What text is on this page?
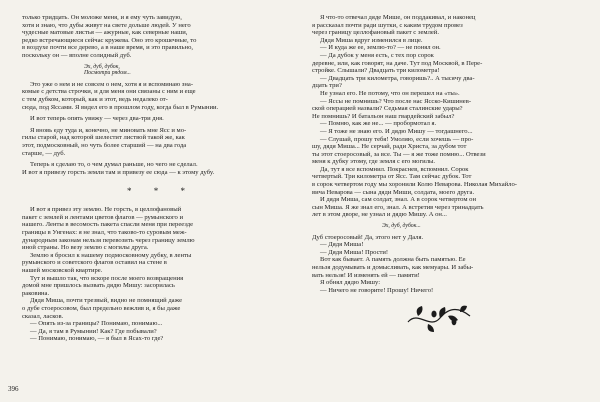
только тридцать. Он моложе меня, и я ему чуть завидую,

хотя и знаю, что дубы живут на свете дольше людей. У него

чудесные матовые листья — ажурные, как северные наши,

редко встречающиеся сейчас кружева. Оно это крошечные, то

в воздухе почти все дерево, а в наше время, и это правильно,

поскольку он — вполне солидный дуб.

Эх, дуб, дубок,
Посмотри рядом...

Это уже о нем и не совсем о нем, хотя я и вспоминаю зна-

комые с детства строчки, и для меня они связаны с ним и еще

с тем дубком, который, как и этот, ведь недалеко от-

сюда, под Яссами. Я видел его в прошлом году, когда был в Румынии.

И вот теперь опять увижу — через два-три дня.

Я вновь еду туда и, конечно, не миновать мне Ясс и мо-

гилы старой, над которой шелестит листвой такой же, как

этот, подмосковный, но чуть более старший — на два года

старше, — дуб.

Теперь я сделаю то, о чем думал раньше, но чего не сделал.

И вот я привезу горсть земли там и привезу ее сюда — к этому дубу.

* * *

И вот я привез эту землю. Не горсть, в целлофановый

пакет с землей и лентами цветов флагов — румынского и

нашего. Ленты в весомость пакета спасли меня при переезде

границы в Унгенах: я не знал, что таково-то суровым меж-

дународным законам нельзя перевозить через границу землю

иной страны. Но везу землю с могилы друга.

Землю я бросил к нашему подмосковному дубку, в ленты

румынского и советского флагов оставил на стене в

нашей московской квартире.

Тут и вышло так, что вскоре после моего возвращения

домой мне пришлось вызвать дядю Мишу: засорилась

раковина.

Дядя Миша, почти трезвый, видно не помнящий даже

о дубе стоеросовом, был предельно вежлив и, я бы даже

сказал, ласков.

— Опять из-за границы? Понимаю, понимаю...

— Да, я там в Румынии! Как? Где побывали?

— Понимаю, понимаю, — я был в Ясах-то где?

Я что-то отвечал дяде Мише, он поддакивал, и наконец

я рассказал почти ради шутки, с каким трудом провез

через границу целлофановый пакет с землей.

Дядя Миша вдруг изменился в лице.

— И куда же ее, землю-то? — не понял он.

— Да дубок у меня есть, с тех пор сорок

деревне, или, как говорят, на даче. Тут под Москвой, в Пере-

стройке. Слышали? Двадцать три километра!

— Двадцать три километра, говоришь?.. А тысячу два-

дцать три?

Не узнал его. Не потому, что он перешел на «ты».

— Яссы не помнишь? Что после нас Ясско-Кишинев-

ской операцией назвали? Седьмая сталинские удары?

Не помнишь? И батальон наш гвардейский забыл?

— Помню, как же не... — пробормотал я.

— Я тоже не знаю его. И дядю Мишу — тогдашнего...

— Слушай, прошу тебя! Умоляю, если хочешь — про-

шу, дядя Миша... Не серчай, ради Христа, за дубом тот

ты этот стоеросовый, за все. Ты — я же тоже помню... Отвези

меня к дубку этому, где земля с его могилы.

Да, тут я все вспомнил. Покраснев, вспомнил. Сорок

четвертый. Три километра от Ясс. Там сейчас дубок. Тот

в сорок четвертом году мы хоронили Колю Неварова. Николая Михайло-

вича Неварова — сына дяди Миши, солдата, моего друга.

И дядя Миша, сам солдат, знал. А в сорок четвертом он

сын Миша. Я же знал его, знал. А встретив через тринадцать

лет в этом дворе, не узнал и дядю Мишу. А он...

Эх, дуб, дубок...

Дуб стоеросовый! Да, этого нет у Даля.

— Дядя Миша!

— Дядя Миша! Прости!

Вот как бывает. А память должна быть памятью. Ее

нельзя додумывать и домысливать, как мемуары. И забы-

вать нельзя! И изменять ей — памяти!

Я обнял дядю Мишу:

— Ничего не говорите! Прошу! Ничего!

396
